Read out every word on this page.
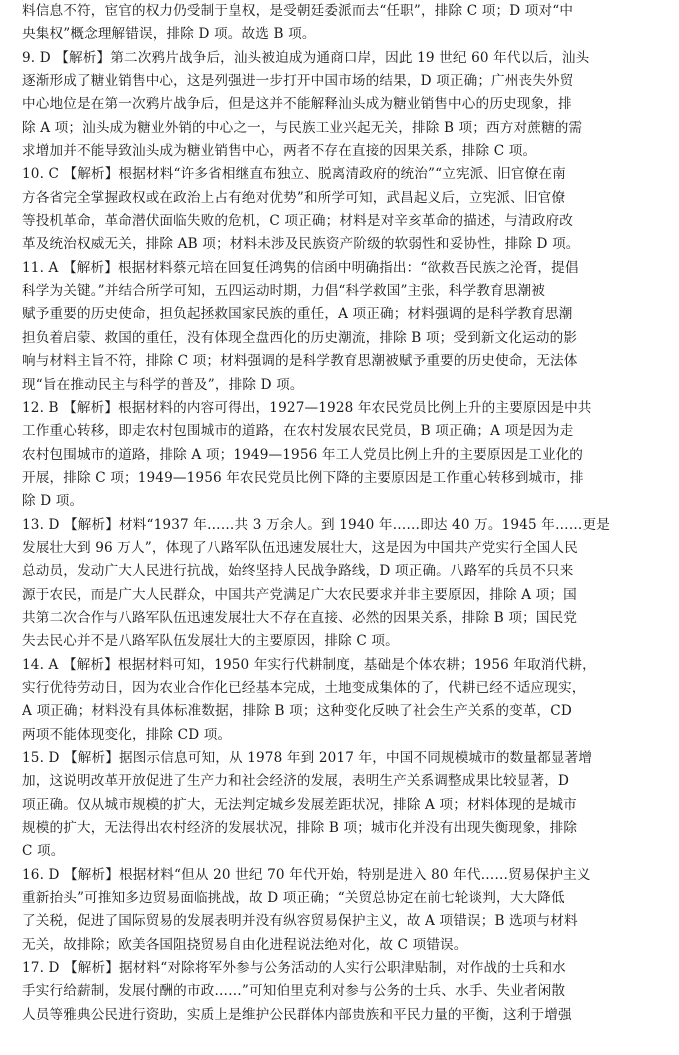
料信息不符，宦官的权力仍受制于皇权，是受朝廷委派而去“任职”，排除 C 项；D 项对“中
央集权”概念理解错误，排除 D 项。故选 B 项。
9. D 【解析】第二次鸦片战争后，汕头被迫成为通商口岸，因此 19 世纪 60 年代以后，汕头
逐渐形成了糖业销售中心，这是列强进一步打开中国市场的结果，D 项正确；广州丧失外贸
中心地位是在第一次鸦片战争后，但是这并不能解释汕头成为糖业销售中心的历史现象，排
除 A 项；汕头成为糖业外销的中心之一，与民族工业兴起无关，排除 B 项；西方对蔗糖的需
求增加并不能导致汕头成为糖业销售中心，两者不存在直接的因果关系，排除 C 项。
10. C 【解析】根据材料“许多省相继直布独立、脱离清政府的统治”“立宪派、旧官僚在南
方各省完全掌握政权或在政治上占有绝对优势”和所学可知，武昌起义后，立宪派、旧官僚
等投机革命，革命潜伏面临失败的危机，C 项正确；材料是对辛亥革命的描述，与清政府改
革及统治权威无关，排除 AB 项；材料未涉及民族资产阶级的软弱性和妥协性，排除 D 项。
11. A 【解析】根据材料蔡元培在回复任鸿隽的信函中明确指出：“欲救吾民族之沦胥，提倡
科学为关键。”并结合所学可知，五四运动时期，力倡“科学救国”主张，科学教育思潮被
赋予重要的历史使命，担负起拯救国家民族的重任，A 项正确；材料强调的是科学教育思潮
担负着启蒙、救国的重任，没有体现全盘西化的历史潮流，排除 B 项；受到新文化运动的影
响与材料主旨不符，排除 C 项；材料强调的是科学教育思潮被赋予重要的历史使命，无法体
现“旨在推动民主与科学的普及”，排除 D 项。
12. B 【解析】根据材料的内容可得出，1927—1928 年农民党员比例上升的主要原因是中共
工作重心转移，即走农村包围城市的道路，在农村发展农民党员，B 项正确；A 项是因为走
农村包围城市的道路，排除 A 项；1949—1956 年工人党员比例上升的主要原因是工业化的
开展，排除 C 项；1949—1956 年农民党员比例下降的主要原因是工作重心转移到城市，排
除 D 项。
13. D 【解析】材料“1937 年……共 3 万余人。到 1940 年……即达 40 万。1945 年……更是
发展壮大到 96 万人”，体现了八路军队伍迅速发展壮大，这是因为中国共产党实行全国人民
总动员，发动广大人民进行抗战，始终坚持人民战争路线，D 项正确。八路军的兵员不只来
源于农民，而是广大人民群众，中国共产党满足广大农民要求并非主要原因，排除 A 项；国
共第二次合作与八路军队伍迅速发展壮大不存在直接、必然的因果关系，排除 B 项；国民党
失去民心并不是八路军队伍发展壮大的主要原因，排除 C 项。
14. A 【解析】根据材料可知，1950 年实行代耕制度，基础是个体农耕；1956 年取消代耕，
实行优待劳动日，因为农业合作化已经基本完成，土地变成集体的了，代耕已经不适应现实，
A 项正确；材料没有具体标准数据，排除 B 项；这种变化反映了社会生产关系的变革，CD
两项不能体现变化，排除 CD 项。
15. D 【解析】据图示信息可知，从 1978 年到 2017 年，中国不同规模城市的数量都显著增
加，这说明改革开放促进了生产力和社会经济的发展，表明生产关系调整成果比较显著，D
项正确。仅从城市规模的扩大，无法判定城乡发展差距状况，排除 A 项；材料体现的是城市
规模的扩大，无法得出农村经济的发展状况，排除 B 项；城市化并没有出现失衡现象，排除
C 项。
16. D 【解析】根据材料“但从 20 世纪 70 年代开始，特别是进入 80 年代……贸易保护主义
重新抬头”可推知多边贸易面临挑战，故 D 项正确；“关贸总协定在前七轮谈判，大大降低
了关税，促进了国际贸易的发展表明并没有纵容贸易保护主义，故 A 项错误；B 选项与材料
无关，故排除；欧美各国阻挠贸易自由化进程说法绝对化，故 C 项错误。
17. D 【解析】据材料“对除将军外参与公务活动的人实行公职津贴制，对作战的士兵和水
手实行给薪制，发展付酬的市政……”可知伯里克利对参与公务的士兵、水手、失业者闲散
人员等雅典公民进行资助，实质上是维护公民群体内部贵族和平民力量的平衡，这利于增强
